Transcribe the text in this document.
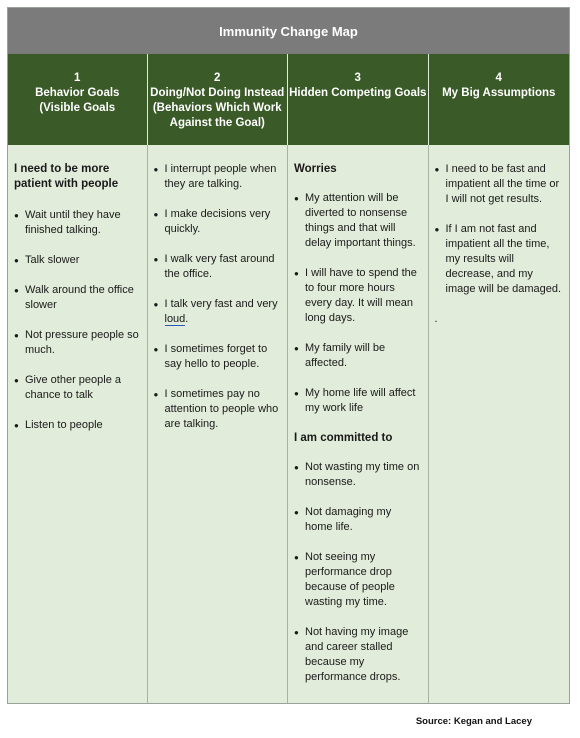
Immunity Change Map
1
Behavior Goals
(Visible Goals
2
Doing/Not Doing Instead
(Behaviors Which Work
Against the Goal)
3
Hidden Competing Goals
4
My Big Assumptions
I need to be more patient with people
● Wait until they have finished talking.
● Talk slower
● Walk around the office slower
● Not pressure people so much.
● Give other people a chance to talk
● Listen to people
● I interrupt people when they are talking.
● I make decisions very quickly.
● I walk very fast around the office.
● I talk very fast and very loud.
● I sometimes forget to say hello to people.
● I sometimes pay no attention to people who are talking.
Worries
● My attention will be diverted to nonsense things and that will delay important things.
● I will have to spend the to four more hours every day. It will mean long days.
● My family will be affected.
● My home life will affect my work life
I am committed to
● Not wasting my time on nonsense.
● Not damaging my home life.
● Not seeing my performance drop because of people wasting my time.
● Not having my image and career stalled because my performance drops.
● I need to be fast and impatient all the time or I will not get results.
● If I am not fast and impatient all the time, my results will decrease, and my image will be damaged.
.
Source: Kegan and Lacey
